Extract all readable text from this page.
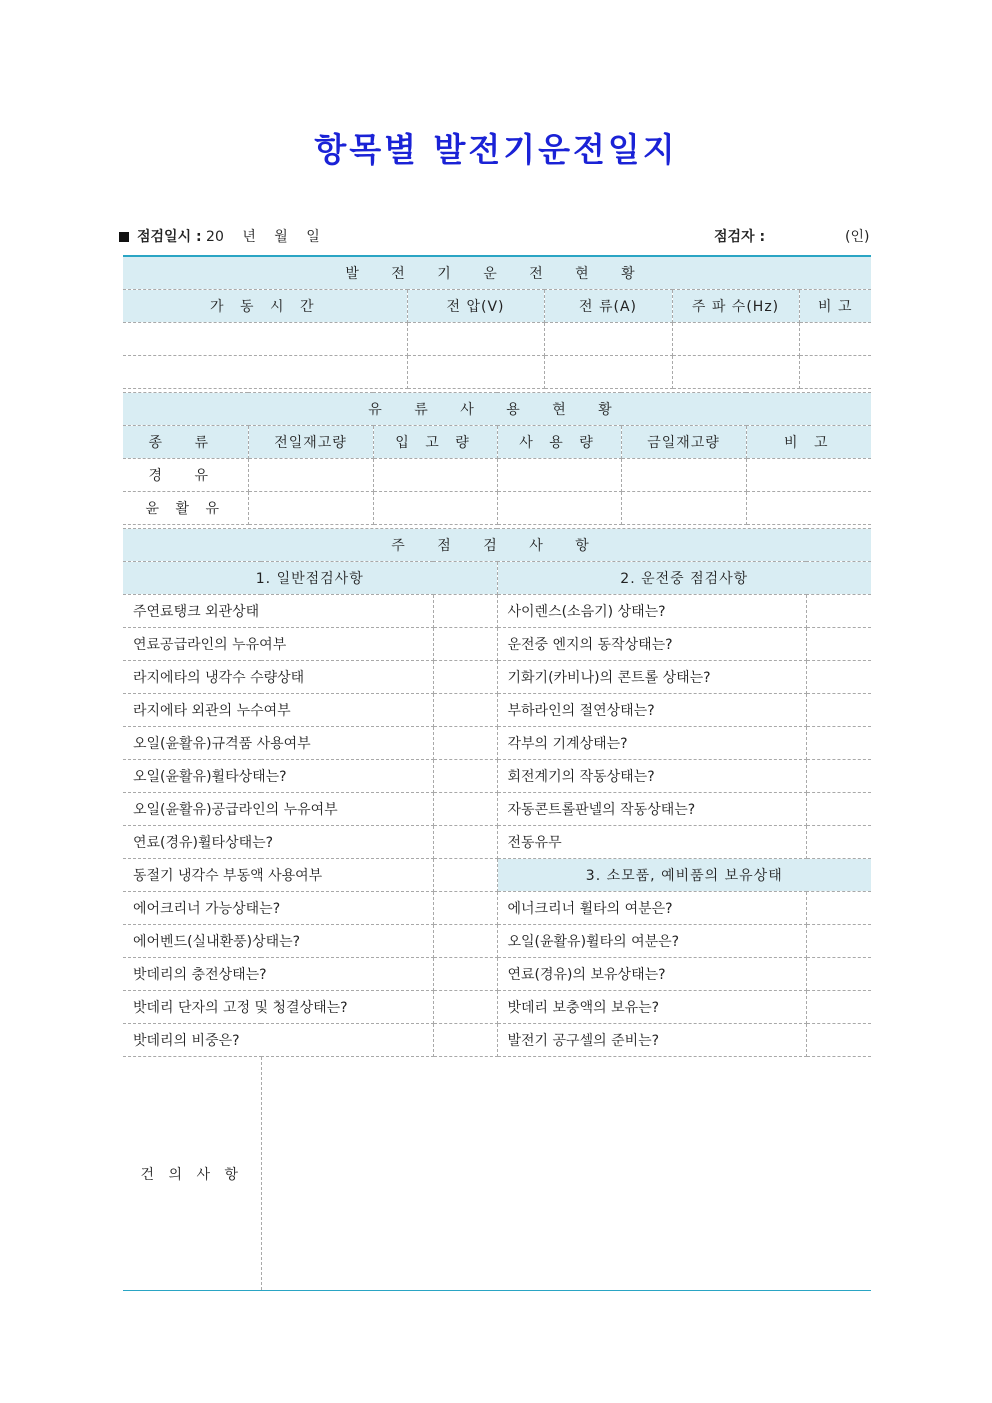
항목별 발전기운전일지
점검일시 : 20 년 월 일	점검자 :	(인)
발 전 기 운 전 현 황				
가 동 시 간	전 압(V)	전 류(A)	주 파 수(Hz)	비 고

유 류 사 용 현 황					
종 류	전일재고량	입 고 량	사 용 량	금일재고량	비 고
경 유					
윤 활 유					
주 점 검 사 항				
1. 일반점검사항			2. 운전중 점검사항	
주연료탱크 외관상태			사이렌스(소음기) 상태는?	
연료공급라인의 누유여부			운전중 엔지의 동작상태는?	
라지에타의 냉각수 수량상태			기화기(카비나)의 콘트롤 상태는?	
라지에타 외관의 누수여부			부하라인의 절연상태는?	
오일(윤활유)규격품 사용여부			각부의 기계상태는?	
오일(윤활유)휠타상태는?			회전계기의 작동상태는?	
오일(윤활유)공급라인의 누유여부			자동콘트롤판넬의 작동상태는?	
연료(경유)휠타상태는?			전동유무	
동절기 냉각수 부동액 사용여부			3. 소모품, 예비품의 보유상태	
에어크리너 가능상태는?			에너크리너 휠타의 여분은?	
에어벤드(실내환풍)상태는?			오일(윤활유)휠타의 여분은?	
밧데리의 충전상태는?			연료(경유)의 보유상태는?	
밧데리 단자의 고정 및 청결상태는?			밧데리 보충액의 보유는?	
밧데리의 비중은?			발전기 공구셀의 준비는?	
건 의 사 항				
